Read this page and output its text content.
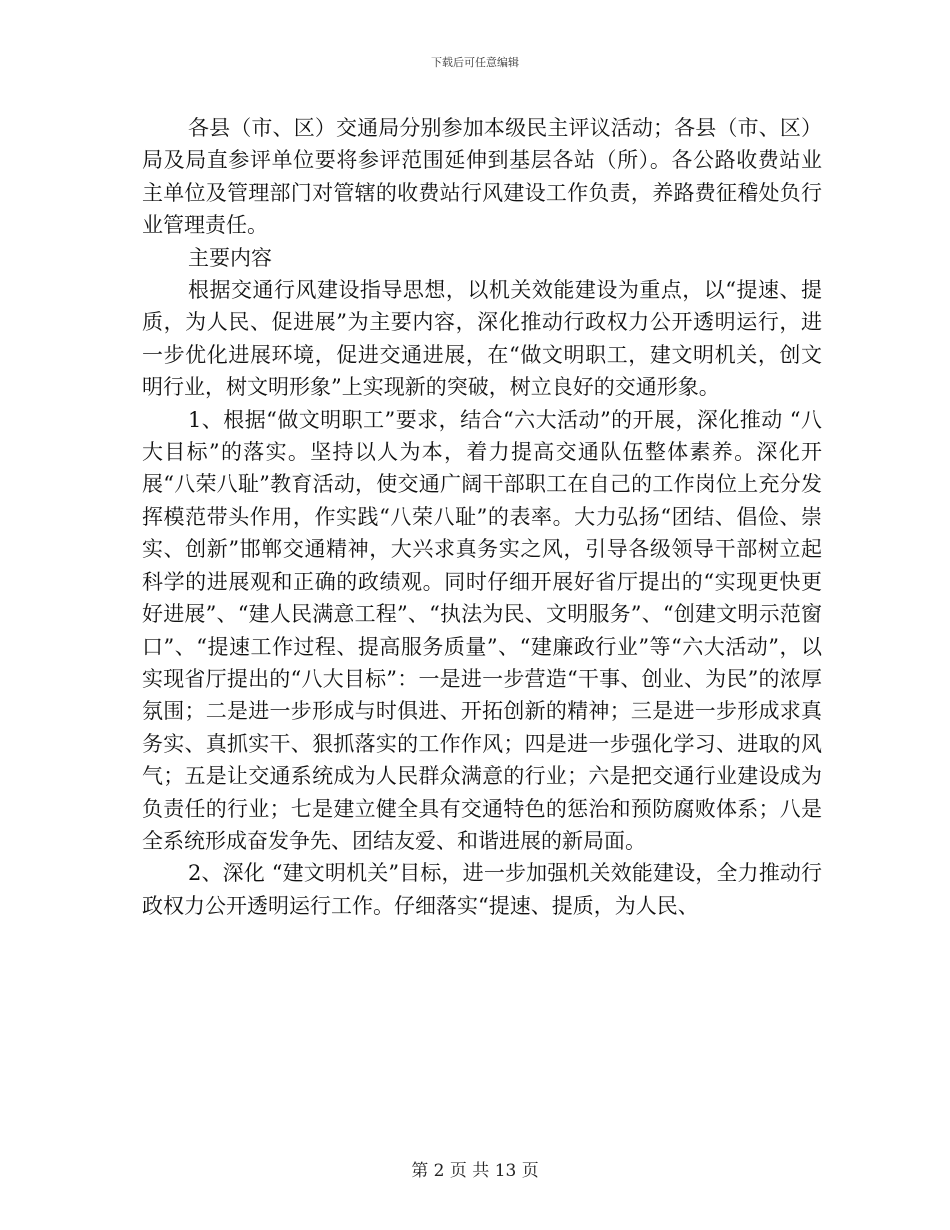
下载后可任意编辑

各县（市、区）交通局分别参加本级民主评议活动；各县（市、区）局及局直参评单位要将参评范围延伸到基层各站（所）。各公路收费站业主单位及管理部门对管辖的收费站行风建设工作负责，养路费征稽处负行业管理责任。

主要内容

根据交通行风建设指导思想，以机关效能建设为重点，以“提速、提质，为人民、促进展”为主要内容，深化推动行政权力公开透明运行，进一步优化进展环境，促进交通进展，在“做文明职工，建文明机关，创文明行业，树文明形象”上实现新的突破，树立良好的交通形象。

1、根据“做文明职工”要求，结合“六大活动”的开展，深化推动 “八大目标”的落实。坚持以人为本，着力提高交通队伍整体素养。深化开展“八荣八耻”教育活动，使交通广阔干部职工在自己的工作岗位上充分发挥模范带头作用，作实践“八荣八耻”的表率。大力弘扬“团结、倡俭、崇实、创新”邯郸交通精神，大兴求真务实之风，引导各级领导干部树立起科学的进展观和正确的政绩观。同时仔细开展好省厅提出的“实现更快更好进展”、“建人民满意工程”、“执法为民、文明服务”、“创建文明示范窗口”、“提速工作过程、提高服务质量”、“建廉政行业”等“六大活动”，以实现省厅提出的“八大目标”：一是进一步营造“干事、创业、为民”的浓厚氛围；二是进一步形成与时俱进、开拓创新的精神；三是进一步形成求真务实、真抓实干、狠抓落实的工作作风；四是进一步强化学习、进取的风气；五是让交通系统成为人民群众满意的行业；六是把交通行业建设成为负责任的行业；七是建立健全具有交通特色的惩治和预防腐败体系；八是全系统形成奋发争先、团结友爱、和谐进展的新局面。

2、深化 “建文明机关”目标，进一步加强机关效能建设，全力推动行政权力公开透明运行工作。仔细落实“提速、提质，为人民、

第 2 页 共 13 页
